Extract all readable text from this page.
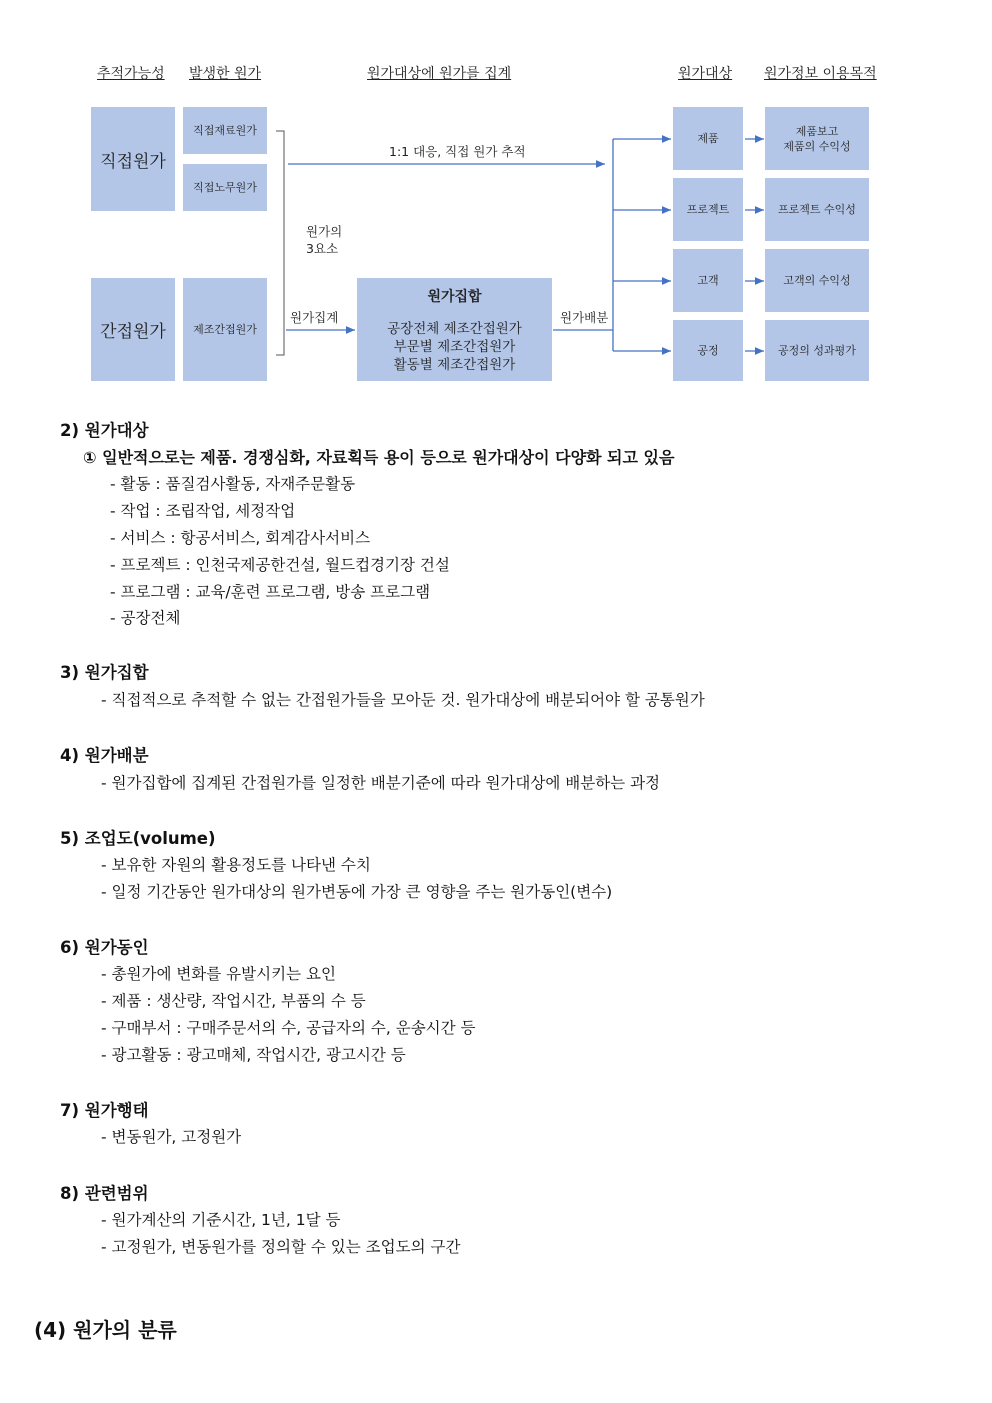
추적가능성 발생한 원가	원가대상에 원가를 집계	원가대상 원가정보 이용목적
직접원가
간접원가
직접재료원가
직접노무원가
제조간접원가
원가집합
공장전체 제조간접원가
부문별 제조간접원가
활동별 제조간접원가
제품
프로젝트
고객
공정
제품보고
제품의 수익성
프로젝트 수익성
고객의 수익성
공정의 성과평가
1:1 대응, 직접 원가 추적
원가의
3요소
원가집계	원가배분
2) 원가대상
① 일반적으로는 제품. 경쟁심화, 자료획득 용이 등으로 원가대상이 다양화 되고 있음
- 활동 : 품질검사활동, 자재주문활동
- 작업 : 조립작업, 세정작업
- 서비스 : 항공서비스, 회계감사서비스
- 프로젝트 : 인천국제공한건설, 월드컵경기장 건설
- 프로그램 : 교육/훈련 프로그램, 방송 프로그램
- 공장전체
3) 원가집합
- 직접적으로 추적할 수 없는 간접원가들을 모아둔 것. 원가대상에 배분되어야 할 공통원가
4) 원가배분
- 원가집합에 집계된 간접원가를 일정한 배분기준에 따라 원가대상에 배분하는 과정
5) 조업도(volume)
- 보유한 자원의 활용정도를 나타낸 수치
- 일정 기간동안 원가대상의 원가변동에 가장 큰 영향을 주는 원가동인(변수)
6) 원가동인
- 총원가에 변화를 유발시키는 요인
- 제품 : 생산량, 작업시간, 부품의 수 등
- 구매부서 : 구매주문서의 수, 공급자의 수, 운송시간 등
- 광고활동 : 광고매체, 작업시간, 광고시간 등
7) 원가행태
- 변동원가, 고정원가
8) 관련범위
- 원가계산의 기준시간, 1년, 1달 등
- 고정원가, 변동원가를 정의할 수 있는 조업도의 구간
(4) 원가의 분류
